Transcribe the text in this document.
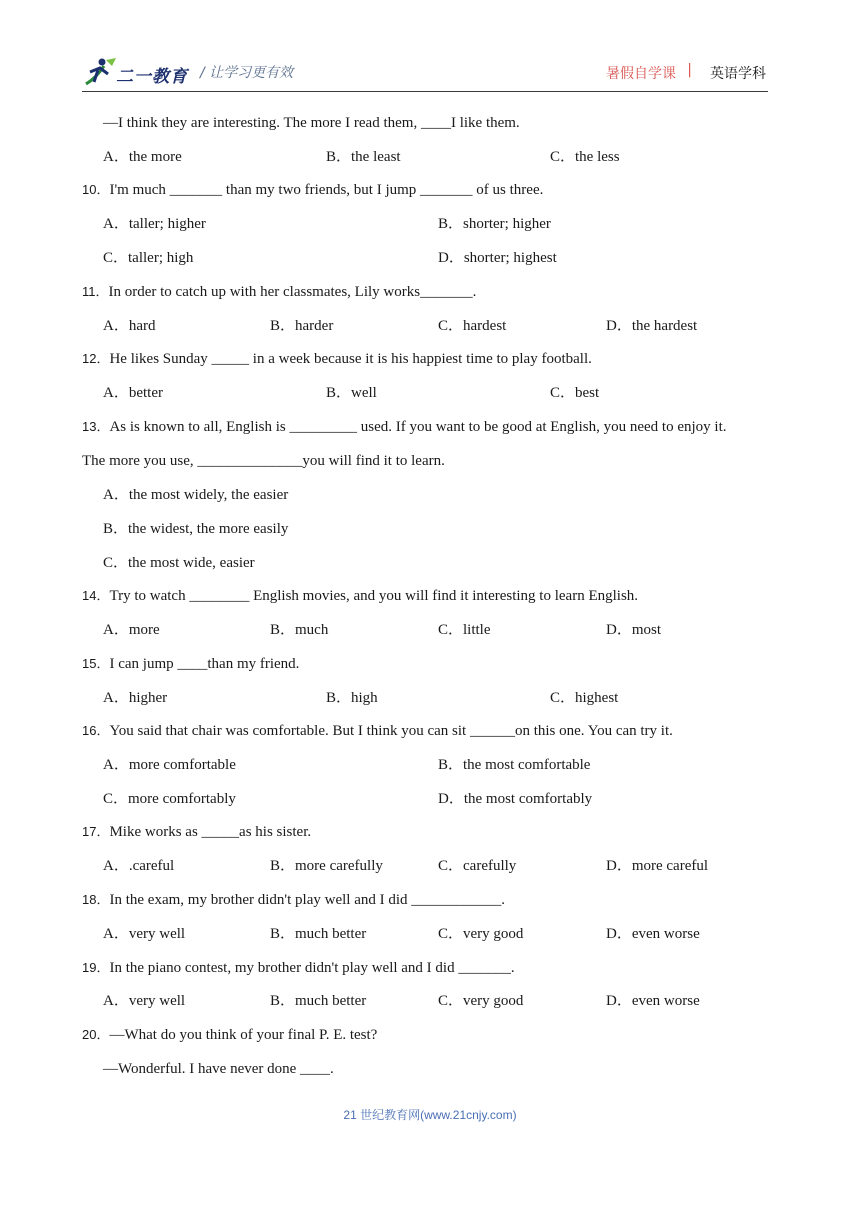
二一教育 / 让学习更有效	暑假自学课 | 英语学科
—I think they are interesting. The more I read them, ____I like them.
A．the more	B．the least	C．the less
10．I'm much _______ than my two friends, but I jump _______ of us three.
A．taller; higher	B．shorter; higher
C．taller; high	D．shorter; highest
11．In order to catch up with her classmates, Lily works_______.
A．hard	B．harder	C．hardest	D．the hardest
12．He likes Sunday _____ in a week because it is his happiest time to play football.
A．better	B．well	C．best
13．As is known to all, English is _________ used. If you want to be good at English, you need to enjoy it.
The more you use, ______________you will find it to learn.
A．the most widely, the easier
B．the widest, the more easily
C．the most wide, easier
14．Try to watch ________ English movies, and you will find it interesting to learn English.
A．more	B．much	C．little	D．most
15．I can jump ____than my friend.
A．higher	B．high	C．highest
16．You said that chair was comfortable. But I think you can sit ______on this one. You can try it.
A．more comfortable	B．the most comfortable
C．more comfortably	D．the most comfortably
17．Mike works as _____as his sister.
A．.careful	B．more carefully	C．carefully	D．more careful
18．In the exam, my brother didn't play well and I did ____________.
A．very well	B．much better	C．very good	D．even worse
19．In the piano contest, my brother didn't play well and I did _______.
A．very well	B．much better	C．very good	D．even worse
20．—What do you think of your final P. E. test?
—Wonderful. I have never done ____.
21 世纪教育网(www.21cnjy.com)
